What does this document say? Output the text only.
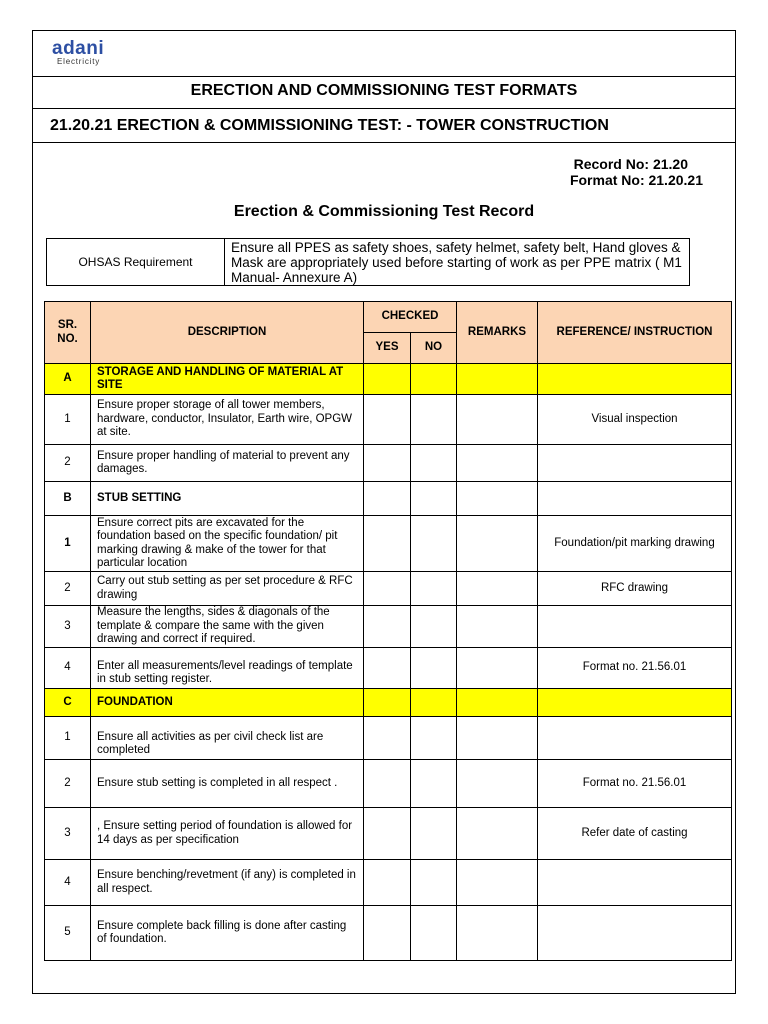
adani
Electricity
ERECTION AND COMMISSIONING TEST FORMATS
21.20.21 ERECTION & COMMISSIONING TEST: - TOWER CONSTRUCTION
Record No: 21.20
Format No: 21.20.21
Erection & Commissioning Test Record
OHSAS Requirement	Ensure all PPES as safety shoes, safety helmet, safety belt, Hand gloves & Mask are appropriately used before starting of work as per PPE matrix ( M1 Manual- Annexure A)
SR. NO.	DESCRIPTION	CHECKED		REMARKS	REFERENCE/ INSTRUCTION
		YES	NO		
A	STORAGE AND HANDLING OF MATERIAL AT SITE				
1	Ensure proper storage of all tower members, hardware, conductor, Insulator, Earth wire, OPGW at site.				Visual inspection
2	Ensure proper handling of material to prevent any damages.				
B	STUB SETTING				
1	Ensure correct pits are excavated for the foundation based on the specific foundation/ pit marking drawing & make of the tower for that particular location				Foundation/pit marking drawing
2	Carry out stub setting as per set procedure & RFC drawing				RFC drawing
3	Measure the lengths, sides & diagonals of the template & compare the same with the given drawing and correct if required.				
4	Enter all measurements/level readings of template in stub setting register.				Format no. 21.56.01
C	FOUNDATION				
1	Ensure all activities as per civil check list are completed				
2	Ensure stub setting is completed in all respect .				Format no. 21.56.01
3	, Ensure setting period of foundation is allowed for 14 days as per specification				Refer date of casting
4	Ensure benching/revetment (if any) is completed in all respect.				
5	Ensure complete back filling is done after casting of foundation.				
